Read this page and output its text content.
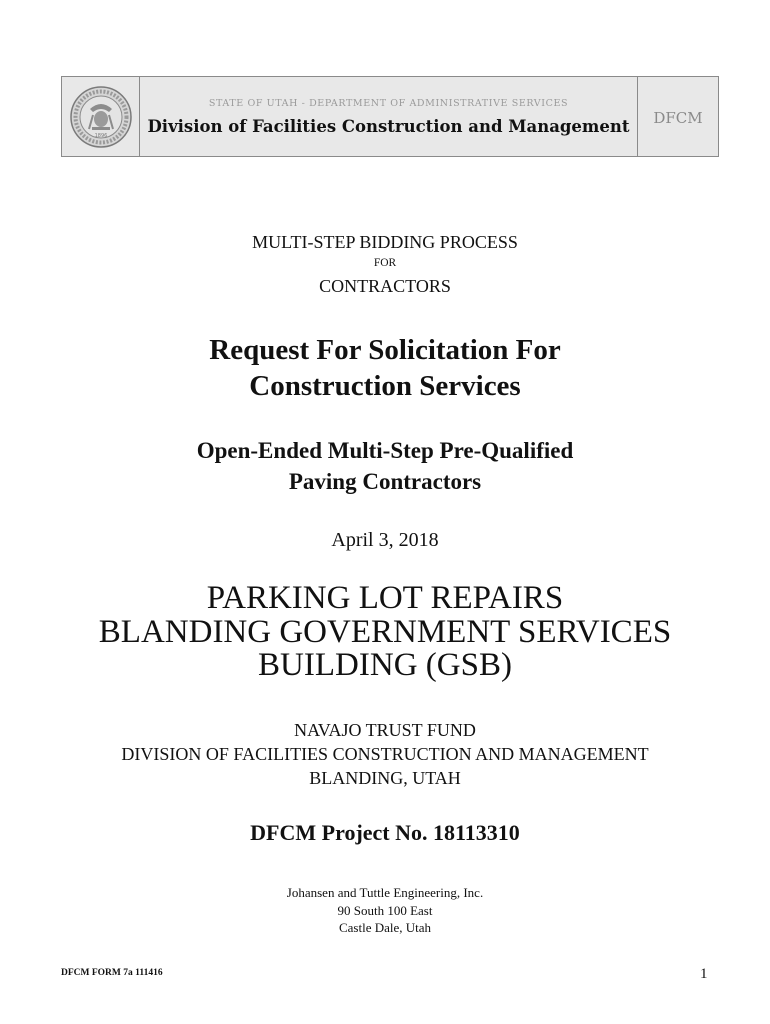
1896
STATE OF UTAH - DEPARTMENT OF ADMINISTRATIVE SERVICES
Division of Facilities Construction and Management	DFCM
MULTI-STEP BIDDING PROCESS
FOR
CONTRACTORS
Request For Solicitation For
Construction Services
Open-Ended Multi-Step Pre-Qualified
Paving Contractors
April 3, 2018
PARKING LOT REPAIRS
BLANDING GOVERNMENT SERVICES
BUILDING (GSB)
NAVAJO TRUST FUND
DIVISION OF FACILITIES CONSTRUCTION AND MANAGEMENT
BLANDING, UTAH
DFCM Project No. 18113310
Johansen and Tuttle Engineering, Inc.
90 South 100 East
Castle Dale, Utah
DFCM FORM 7a 111416	1
